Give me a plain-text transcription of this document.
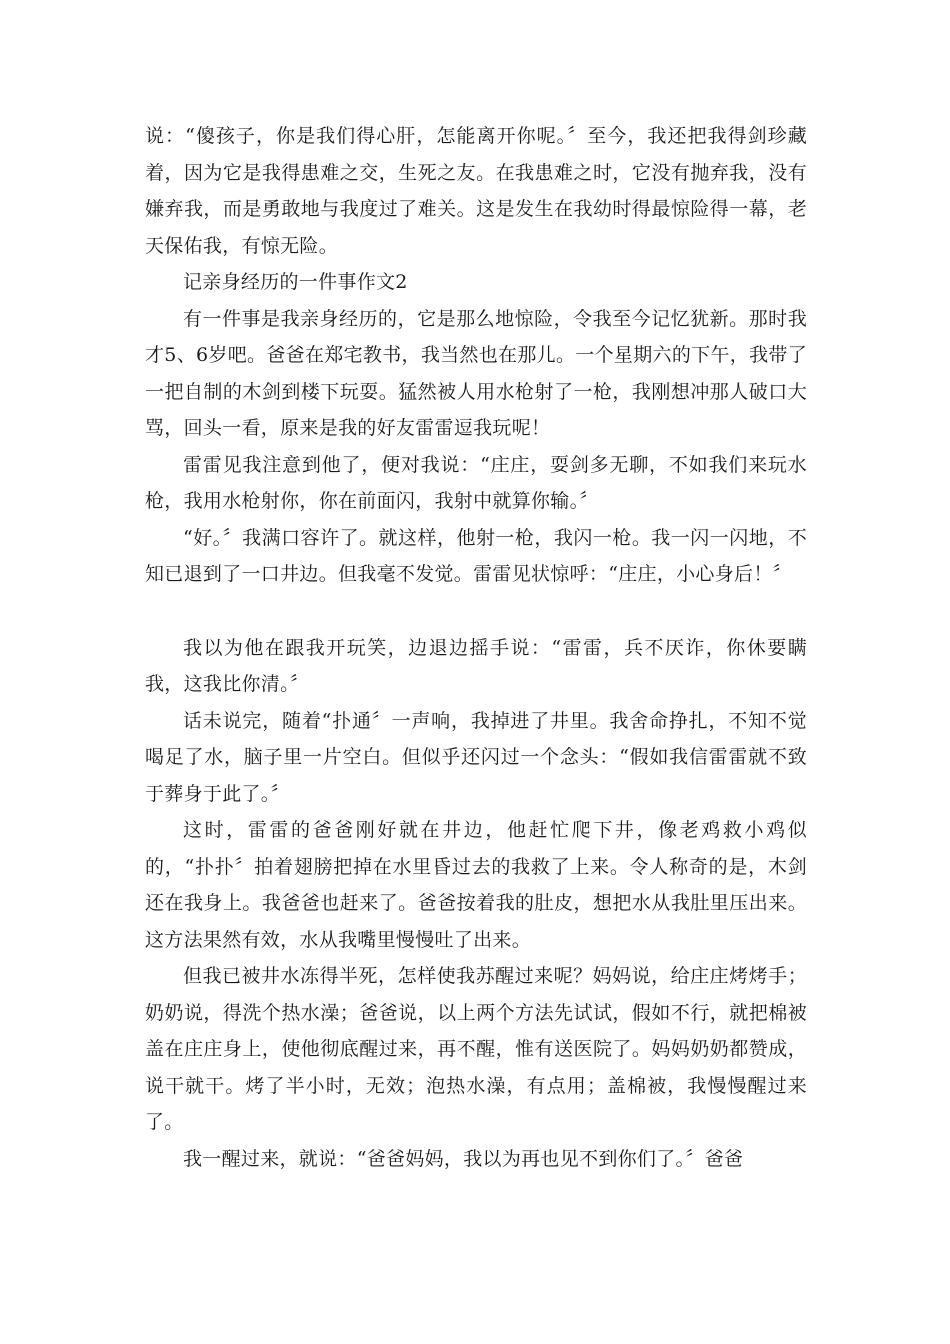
说：“傻孩子，你是我们得心肝，怎能离开你呢。〞至今，我还把我得剑珍藏着，因为它是我得患难之交，生死之友。在我患难之时，它没有抛弃我，没有嫌弃我，而是勇敢地与我度过了难关。这是发生在我幼时得最惊险得一幕，老天保佑我，有惊无险。

记亲身经历的一件事作文2

有一件事是我亲身经历的，它是那么地惊险，令我至今记忆犹新。那时我才5、6岁吧。爸爸在郑宅教书，我当然也在那儿。一个星期六的下午，我带了一把自制的木剑到楼下玩耍。猛然被人用水枪射了一枪，我刚想冲那人破口大骂，回头一看，原来是我的好友雷雷逗我玩呢！

雷雷见我注意到他了，便对我说：“庄庄，耍剑多无聊，不如我们来玩水枪，我用水枪射你，你在前面闪，我射中就算你输。〞

“好。〞我满口容许了。就这样，他射一枪，我闪一枪。我一闪一闪地，不知已退到了一口井边。但我毫不发觉。雷雷见状惊呼：“庄庄，小心身后！〞

我以为他在跟我开玩笑，边退边摇手说：“雷雷，兵不厌诈，你休要瞒我，这我比你清。〞

话未说完，随着“扑通〞一声响，我掉进了井里。我舍命挣扎，不知不觉喝足了水，脑子里一片空白。但似乎还闪过一个念头：“假如我信雷雷就不致于葬身于此了。〞

这时，雷雷的爸爸刚好就在井边，他赶忙爬下井，像老鸡救小鸡似的，“扑扑〞拍着翅膀把掉在水里昏过去的我救了上来。令人称奇的是，木剑还在我身上。我爸爸也赶来了。爸爸按着我的肚皮，想把水从我肚里压出来。这方法果然有效，水从我嘴里慢慢吐了出来。

但我已被井水冻得半死，怎样使我苏醒过来呢？妈妈说，给庄庄烤烤手；奶奶说，得洗个热水澡；爸爸说，以上两个方法先试试，假如不行，就把棉被盖在庄庄身上，使他彻底醒过来，再不醒，惟有送医院了。妈妈奶奶都赞成，说干就干。烤了半小时，无效；泡热水澡，有点用；盖棉被，我慢慢醒过来了。

我一醒过来，就说：“爸爸妈妈，我以为再也见不到你们了。〞爸爸
